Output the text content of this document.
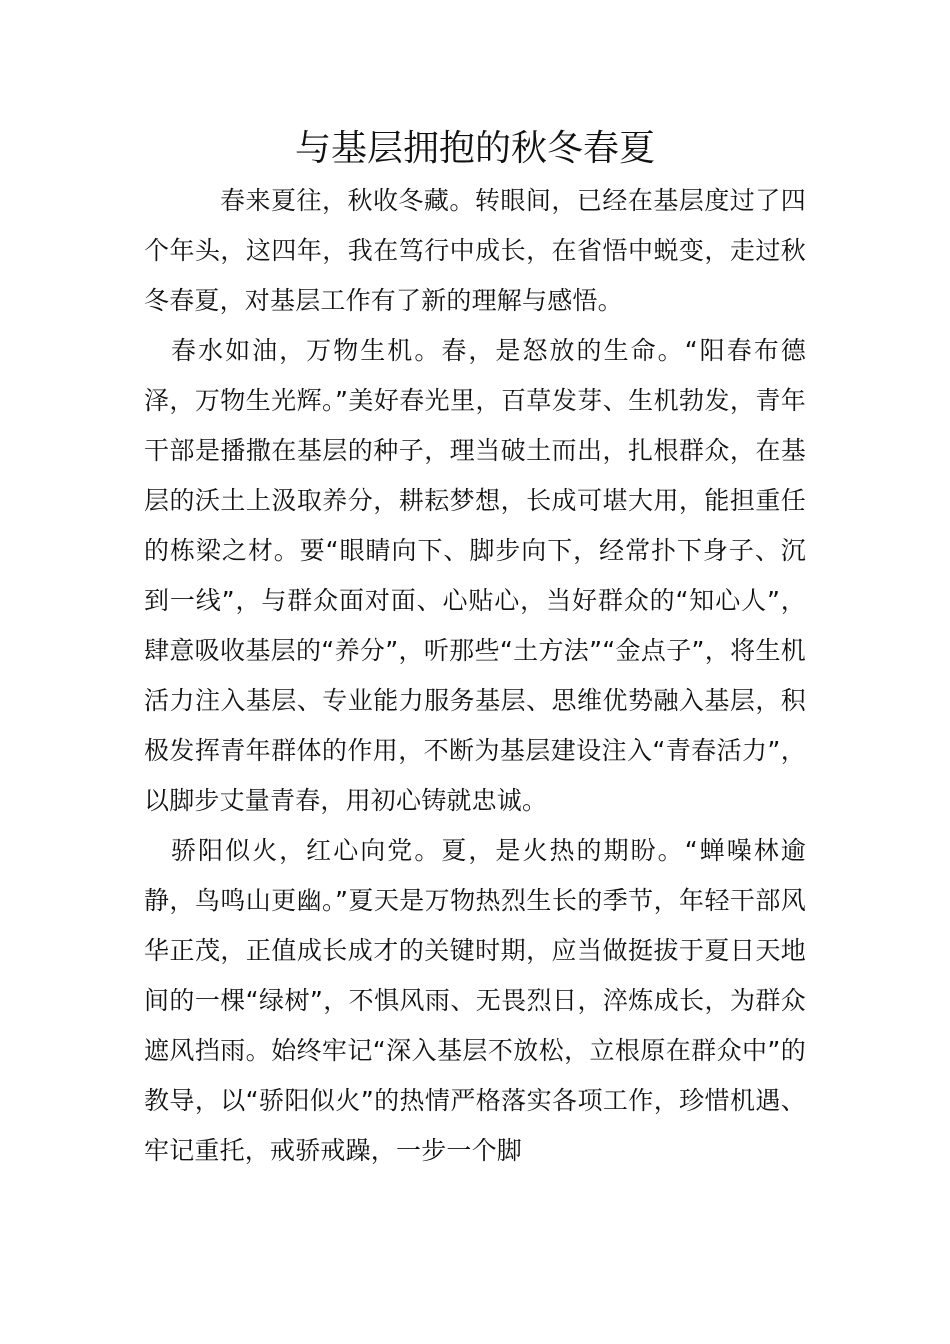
与基层拥抱的秋冬春夏

春来夏往，秋收冬藏。转眼间，已经在基层度过了四个年头，这四年，我在笃行中成长，在省悟中蜕变，走过秋冬春夏，对基层工作有了新的理解与感悟。

春水如油，万物生机。春，是怒放的生命。“阳春布德泽，万物生光辉。”美好春光里，百草发芽、生机勃发，青年干部是播撒在基层的种子，理当破土而出，扎根群众，在基层的沃土上汲取养分，耕耘梦想，长成可堪大用，能担重任的栋梁之材。要“眼睛向下、脚步向下，经常扑下身子、沉到一线”，与群众面对面、心贴心，当好群众的“知心人”，肆意吸收基层的“养分”，听那些“土方法”“金点子”，将生机活力注入基层、专业能力服务基层、思维优势融入基层，积极发挥青年群体的作用，不断为基层建设注入“青春活力”，以脚步丈量青春，用初心铸就忠诚。

骄阳似火，红心向党。夏，是火热的期盼。“蝉噪林逾静，鸟鸣山更幽。”夏天是万物热烈生长的季节，年轻干部风华正茂，正值成长成才的关键时期，应当做挺拔于夏日天地间的一棵“绿树”，不惧风雨、无畏烈日，淬炼成长，为群众遮风挡雨。始终牢记“深入基层不放松，立根原在群众中”的教导，以“骄阳似火”的热情严格落实各项工作，珍惜机遇、牢记重托，戒骄戒躁，一步一个脚
